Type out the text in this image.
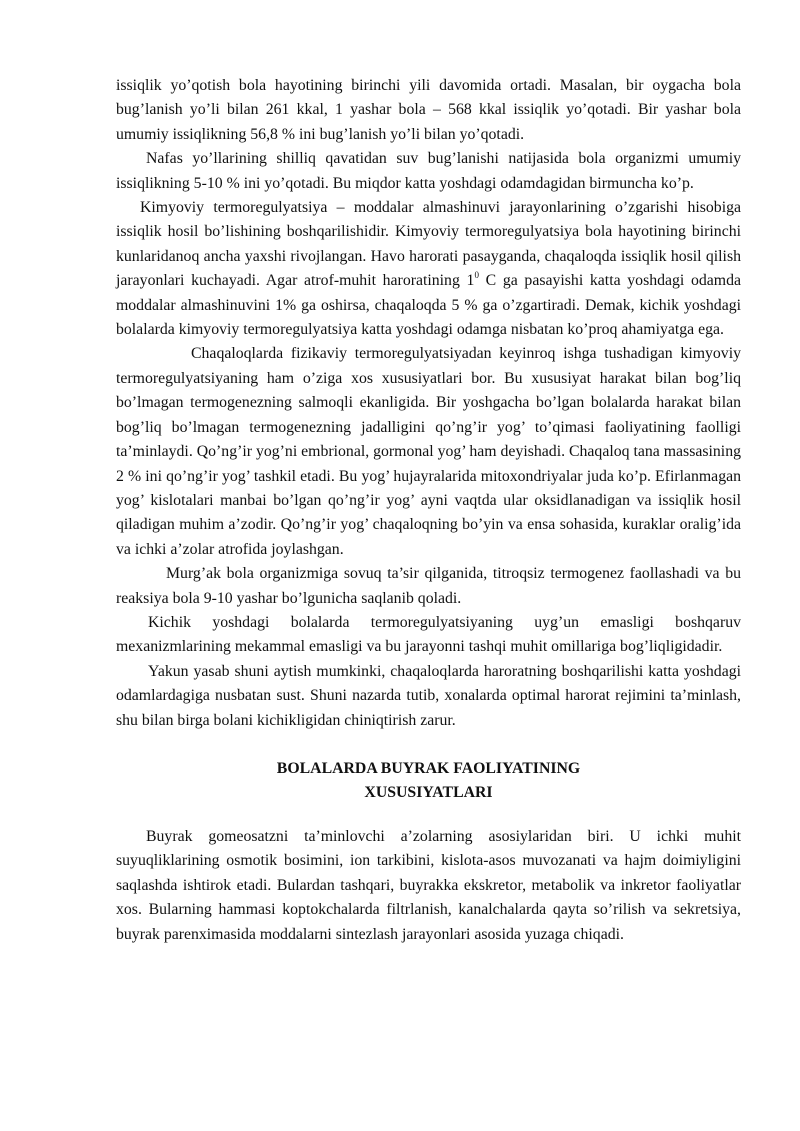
issiqlik yo’qotish bola hayotining birinchi yili davomida ortadi. Masalan, bir oygacha bola bug’lanish yo’li bilan 261 kkal, 1 yashar bola – 568 kkal issiqlik yo’qotadi. Bir yashar bola umumiy issiqlikning 56,8 % ini bug’lanish yo’li bilan yo’qotadi.

Nafas yo’llarining shilliq qavatidan suv bug’lanishi natijasida bola organizmi umumiy issiqlikning 5-10 % ini yo’qotadi. Bu miqdor katta yoshdagi odamdagidan birmuncha ko’p.

Kimyoviy termoregulyatsiya – moddalar almashinuvi jarayonlarining o’zgarishi hisobiga issiqlik hosil bo’lishining boshqarilishidir. Kimyoviy termoregulyatsiya bola hayotining birinchi kunlaridanoq ancha yaxshi rivojlangan. Havo harorati pasayganda, chaqaloqda issiqlik hosil qilish jarayonlari kuchayadi. Agar atrof-muhit haroratining $1^0$ C ga pasayishi katta yoshdagi odamda moddalar almashinuvini 1% ga oshirsa, chaqaloqda 5 % ga o’zgartiradi. Demak, kichik yoshdagi bolalarda kimyoviy termoregulyatsiya katta yoshdagi odamga nisbatan ko’proq ahamiyatga ega.

Chaqaloqlarda fizikaviy termoregulyatsiyadan keyinroq ishga tushadigan kimyoviy termoregulyatsiyaning ham o’ziga xos xususiyatlari bor. Bu xususiyat harakat bilan bog’liq bo’lmagan termogenezning salmoqli ekanligida. Bir yoshgacha bo’lgan bolalarda harakat bilan bog’liq bo’lmagan termogenezning jadalligini qo’ng’ir yog’ to’qimasi faoliyatining faolligi ta’minlaydi. Qo’ng’ir yog’ni embrional, gormonal yog’ ham deyishadi. Chaqaloq tana massasining 2 % ini qo’ng’ir yog’ tashkil etadi. Bu yog’ hujayralarida mitoxondriyalar juda ko’p. Efirlanmagan yog’ kislotalari manbai bo’lgan qo’ng’ir yog’ ayni vaqtda ular oksidlanadigan va issiqlik hosil qiladigan muhim a’zodir. Qo’ng’ir yog’ chaqaloqning bo’yin va ensa sohasida, kuraklar oralig’ida va ichki a’zolar atrofida joylashgan.

Murg’ak bola organizmiga sovuq ta’sir qilganida, titroqsiz termogenez faollashadi va bu reaksiya bola 9-10 yashar bo’lgunicha saqlanib qoladi.

Kichik yoshdagi bolalarda termoregulyatsiyaning uyg’un emasligi boshqaruv mexanizmlarining mekammal emasligi va bu jarayonni tashqi muhit omillariga bog’liqligidadir.

Yakun yasab shuni aytish mumkinki, chaqaloqlarda haroratning boshqarilishi katta yoshdagi odamlardagiga nusbatan sust. Shuni nazarda tutib, xonalarda optimal harorat rejimini ta’minlash, shu bilan birga bolani kichikligidan chiniqtirish zarur.

BOLALARDA BUYRAK FAOLIYATINING
XUSUSIYATLARI

Buyrak gomeosatzni ta’minlovchi a’zolarning asosiylaridan biri. U ichki muhit suyuqliklarining osmotik bosimini, ion tarkibini, kislota-asos muvozanati va hajm doimiyligini saqlashda ishtirok etadi. Bulardan tashqari, buyrakka ekskretor, metabolik va inkretor faoliyatlar xos. Bularning hammasi koptokchalarda filtrlanish, kanalchalarda qayta so’rilish va sekretsiya, buyrak parenximasida moddalarni sintezlash jarayonlari asosida yuzaga chiqadi.
